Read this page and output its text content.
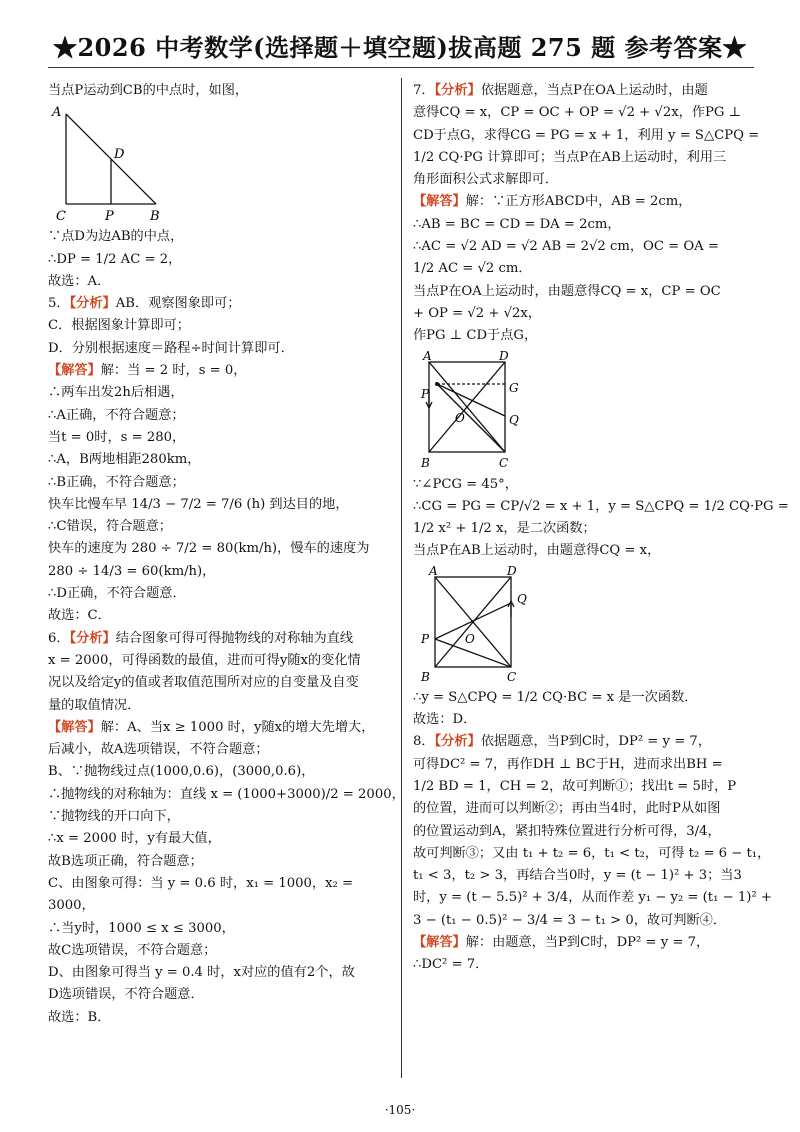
★2026 中考数学(选择题＋填空题)拔高题 275 题 参考答案★
当点P运动到CB的中点时，如图，
A
D
C	P	B
∵点D为边AB的中点，
∴DP = 1/2 AC = 2，
故选：A．
5．【分析】AB．观察图象即可；
C．根据图象计算即可；
D．分别根据速度＝路程÷时间计算即可．
【解答】解：当 = 2 时，s = 0，
∴两车出发2h后相遇，
∴A正确，不符合题意；
当t = 0时，s = 280，
∴A，B两地相距280km，
∴B正确，不符合题意；
快车比慢车早 14/3 − 7/2 = 7/6 (h) 到达目的地，
∴C错误，符合题意；
快车的速度为 280 ÷ 7/2 = 80(km/h)，慢车的速度为
280 ÷ 14/3 = 60(km/h)，
∴D正确，不符合题意．
故选：C．
6．【分析】结合图象可得可得抛物线的对称轴为直线
x = 2000，可得函数的最值，进而可得y随x的变化情
况以及给定y的值或者取值范围所对应的自变量及自变
量的取值情况．
【解答】解：A、当x ≥ 1000 时，y随x的增大先增大，
后减小，故A选项错误，不符合题意；
B、∵抛物线过点(1000,0.6)，(3000,0.6)，
∴抛物线的对称轴为：直线 x = (1000+3000)/2 = 2000，
∵抛物线的开口向下，
∴x = 2000 时，y有最大值，
故B选项正确，符合题意；
C、由图象可得：当 y = 0.6 时，x₁ = 1000，x₂ =
3000，
∴当y时，1000 ≤ x ≤ 3000，
故C选项错误，不符合题意；
D、由图象可得当 y = 0.4 时，x对应的值有2个，故
D选项错误，不符合题意．
故选：B．
7．【分析】依据题意，当点P在OA上运动时，由题
意得CQ = x，CP = OC + OP = √2 + √2x，作PG ⊥
CD于点G，求得CG = PG = x + 1，利用 y = S△CPQ =
1/2 CQ·PG 计算即可；当点P在AB上运动时，利用三
角形面积公式求解即可．
【解答】解：∵正方形ABCD中，AB = 2cm，
∴AB = BC = CD = DA = 2cm，
∴AC = √2 AD = √2 AB = 2√2 cm，OC = OA =
1/2 AC = √2 cm．
当点P在OA上运动时，由题意得CQ = x，CP = OC
+ OP = √2 + √2x，
作PG ⊥ CD于点G，
A	D
P	G
O	Q
B	C
∵∠PCG = 45°，
∴CG = PG = CP/√2 = x + 1，y = S△CPQ = 1/2 CQ·PG =
1/2 x² + 1/2 x，是二次函数；
当点P在AB上运动时，由题意得CQ = x，
A	D
Q
P	O
B	C
∴y = S△CPQ = 1/2 CQ·BC = x 是一次函数．
故选：D．
8．【分析】依据题意，当P到C时，DP² = y = 7，
可得DC² = 7，再作DH ⊥ BC于H，进而求出BH =
1/2 BD = 1，CH = 2，故可判断①；找出t = 5时，P
的位置，进而可以判断②；再由当4时，此时P从如图
的位置运动到A，紧扣特殊位置进行分析可得，3/4，
故可判断③；又由 t₁ + t₂ = 6，t₁ < t₂，可得 t₂ = 6 − t₁，
t₁ < 3，t₂ > 3，再结合当0时，y = (t − 1)² + 3；当3
时，y = (t − 5.5)² + 3/4，从而作差 y₁ − y₂ = (t₁ − 1)² +
3 − (t₁ − 0.5)² − 3/4 = 3 − t₁ > 0，故可判断④．
【解答】解：由题意，当P到C时，DP² = y = 7，
∴DC² = 7．
·105·
